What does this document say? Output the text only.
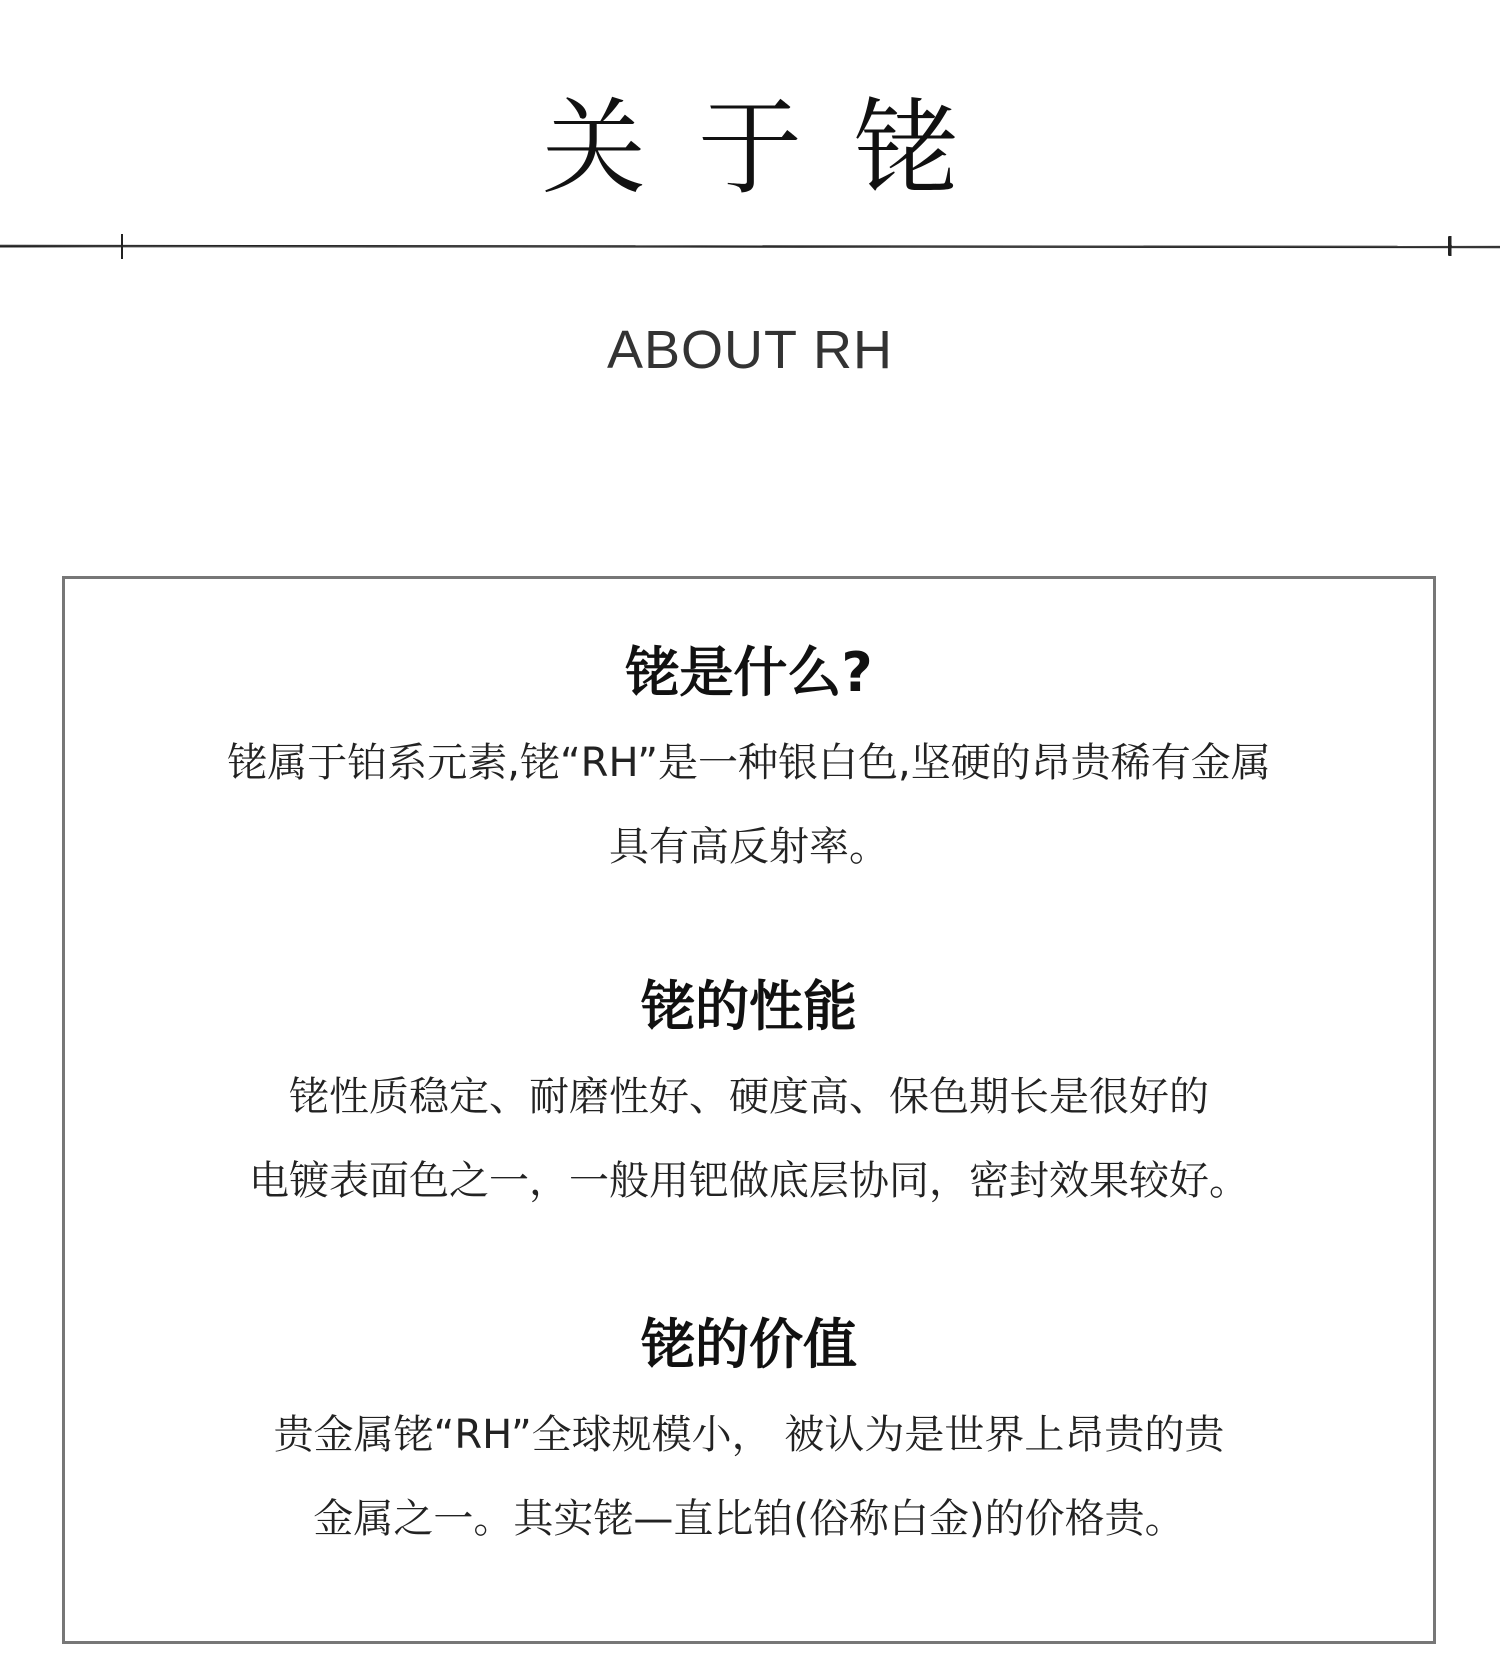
关于铑

ABOUT RH

铑是什么?

铑属于铂系元素,铑“RH”是一种银白色,坚硬的昂贵稀有金属
具有高反射率。

铑的性能

铑性质稳定、耐磨性好、硬度高、保色期长是很好的
电镀表面色之一，一般用钯做底层协同，密封效果较好。

铑的价值

贵金属铑“RH”全球规模小， 被认为是世界上昂贵的贵
金属之一。其实铑—直比铂(俗称白金)的价格贵。
